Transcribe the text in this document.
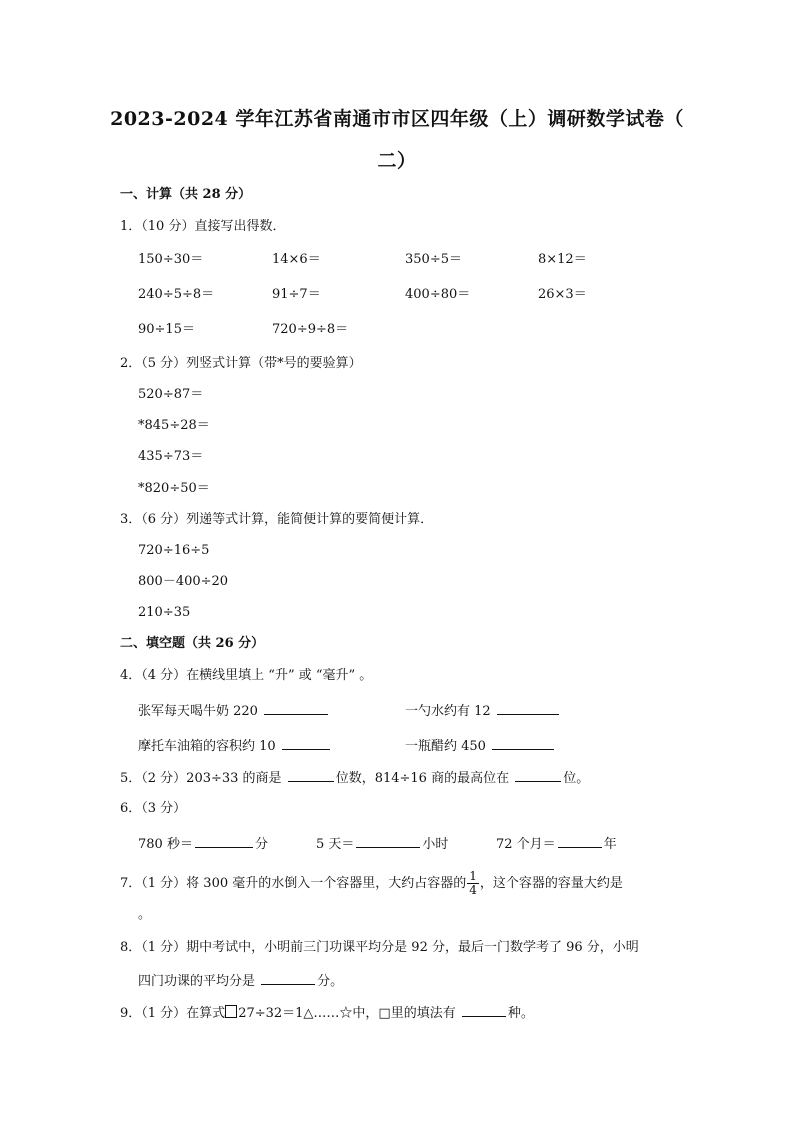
2023-2024 学年江苏省南通市市区四年级（上）调研数学试卷（
二）
一、计算（共 28 分）
1．（10 分）直接写出得数．
150÷30＝	14×6＝	350÷5＝	8×12＝
240÷5÷8＝	91÷7＝	400÷80＝	26×3＝
90÷15＝	720÷9÷8＝
2．（5 分）列竖式计算（带*号的要验算）
520÷87＝
*845÷28＝
435÷73＝
*820÷50＝
3．（6 分）列递等式计算，能简便计算的要简便计算．
720÷16÷5
800－400÷20
210÷35
二、填空题（共 26 分）
4．（4 分）在横线里填上 “升” 或 “毫升” 。
张军每天喝牛奶 220	一勺水约有 12
摩托车油箱的容积约 10	一瓶醋约 450
5．（2 分）203÷33 的商是	位数，814÷16 商的最高位在	位。
6．（3 分）
780 秒＝	分	5 天＝	小时	72 个月＝	年
7．（1 分）将 300 毫升的水倒入一个容器里，大约占容器的 $\frac{1}{4}$ ，这个容器的容量大约是
。
8．（1 分）期中考试中，小明前三门功课平均分是 92 分，最后一门数学考了 96 分，小明
四门功课的平均分是	分。
9．（1 分）在算式 27÷32＝1△……☆中，□里的填法有	种。
